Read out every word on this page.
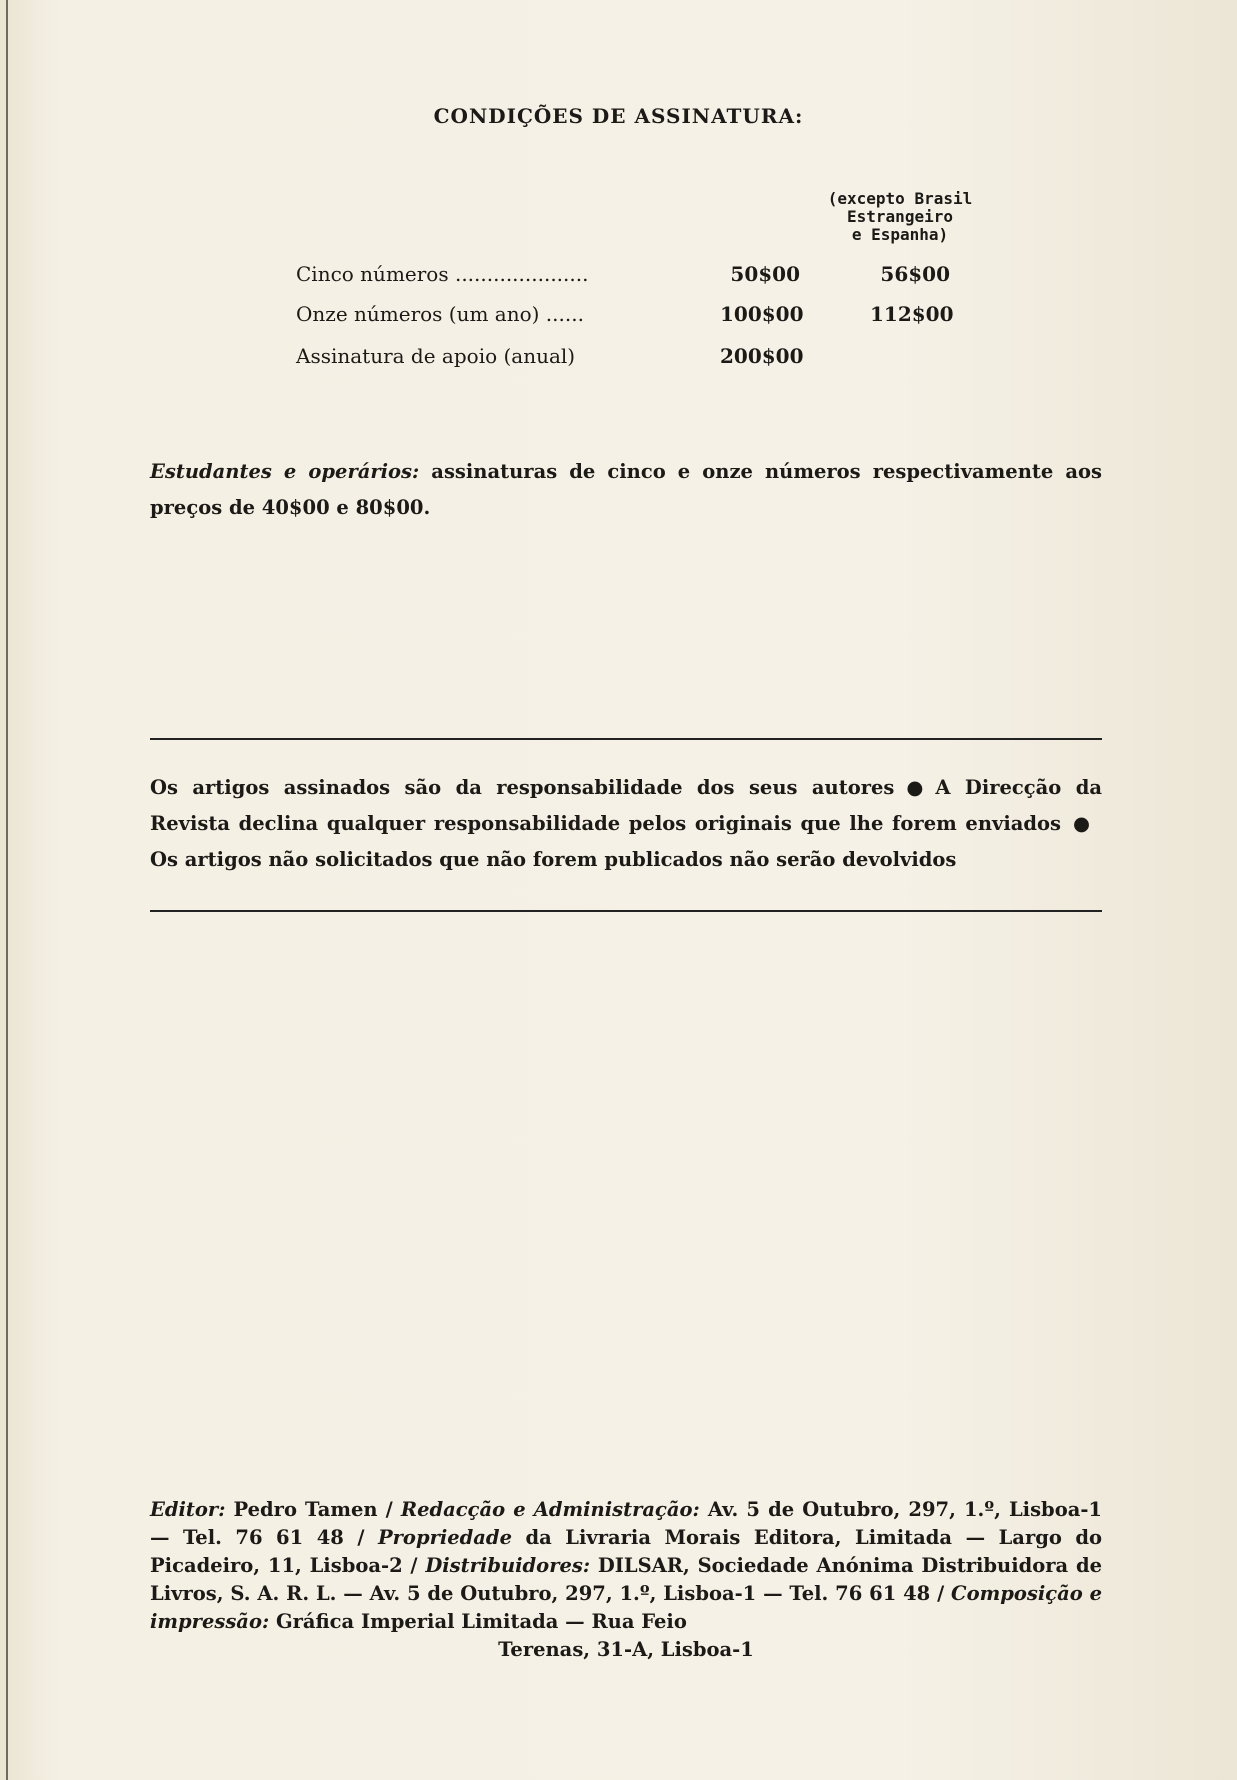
CONDIÇÕES DE ASSINATURA:
(excepto Brasil
Estrangeiro
e Espanha)
Cinco números .....................	50$00	56$00
Onze números (um ano) ......	100$00	112$00
Assinatura de apoio (anual)	200$00
Estudantes e operários: assinaturas de cinco e onze números respectivamente aos preços de 40$00 e 80$00.
Os artigos assinados são da responsabilidade dos seus autores ● A Direcção da Revista declina qualquer responsabilidade pelos originais que lhe forem enviados ●Os artigos não solicitados que não forem publicados não serão devolvidos
Editor: Pedro Tamen / Redacção e Administração: Av. 5 de Outubro, 297, 1.º, Lisboa-1 — Tel. 76 61 48 / Propriedade da Livraria Morais Editora, Limitada — Largo do Picadeiro, 11, Lisboa-2 / Distribuidores: DILSAR, Sociedade Anónima Distribuidora de Livros, S. A. R. L. — Av. 5 de Outubro, 297, 1.º, Lisboa-1 — Tel. 76 61 48 / Composição e impressão: Gráfica Imperial Limitada — Rua Feio
Terenas, 31-A, Lisboa-1
